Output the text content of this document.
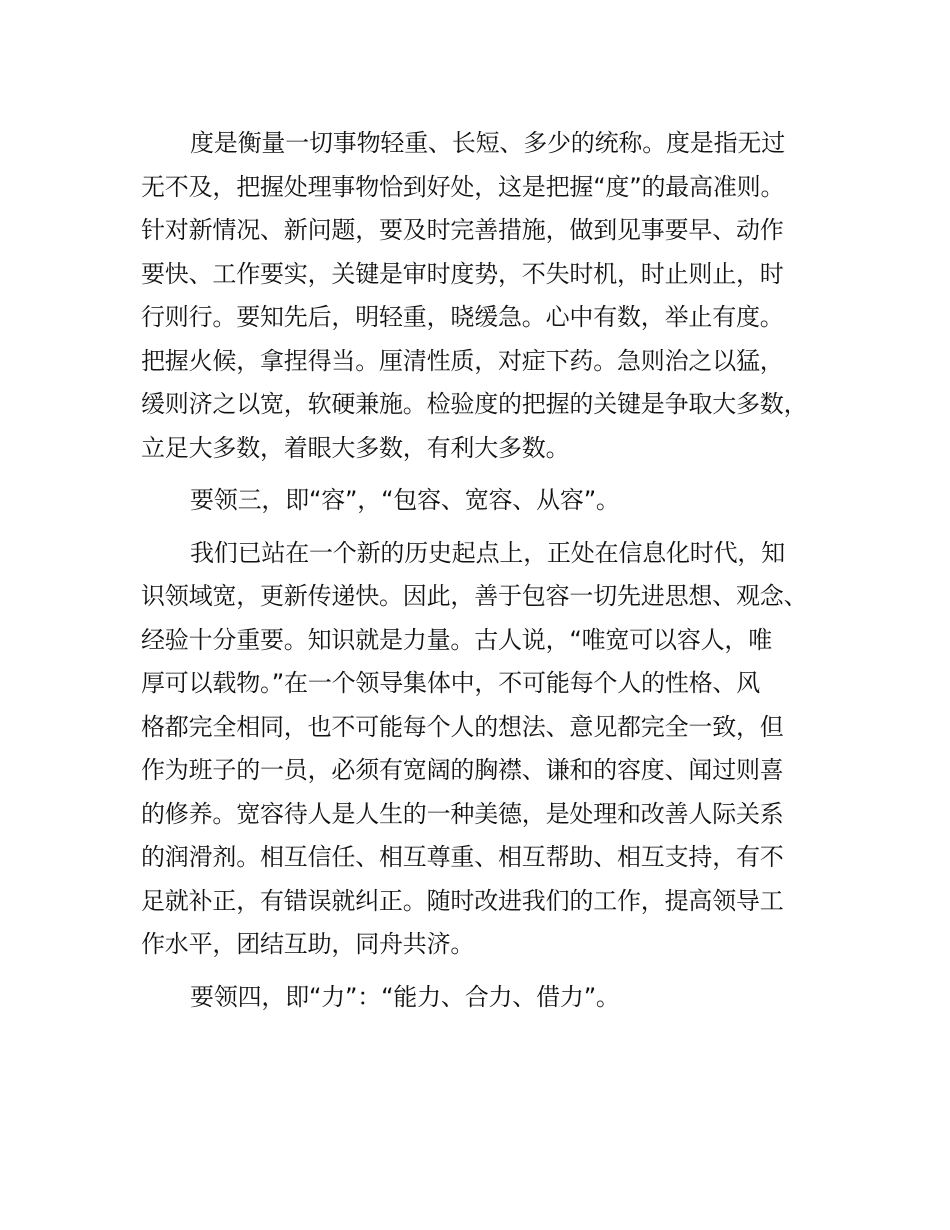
度是衡量一切事物轻重、长短、多少的统称。度是指无过
无不及，把握处理事物恰到好处，这是把握“度”的最高准则。
针对新情况、新问题，要及时完善措施，做到见事要早、动作
要快、工作要实，关键是审时度势，不失时机，时止则止，时
行则行。要知先后，明轻重，晓缓急。心中有数，举止有度。
把握火候，拿捏得当。厘清性质，对症下药。急则治之以猛，
缓则济之以宽，软硬兼施。检验度的把握的关键是争取大多数，
立足大多数，着眼大多数，有利大多数。
要领三，即“容”，“包容、宽容、从容”。
我们已站在一个新的历史起点上，正处在信息化时代，知
识领域宽，更新传递快。因此，善于包容一切先进思想、观念、
经验十分重要。知识就是力量。古人说，“唯宽可以容人，唯
厚可以载物。”在一个领导集体中，不可能每个人的性格、风
格都完全相同，也不可能每个人的想法、意见都完全一致，但
作为班子的一员，必须有宽阔的胸襟、谦和的容度、闻过则喜
的修养。宽容待人是人生的一种美德，是处理和改善人际关系
的润滑剂。相互信任、相互尊重、相互帮助、相互支持，有不
足就补正，有错误就纠正。随时改进我们的工作，提高领导工
作水平，团结互助，同舟共济。
要领四，即“力”：“能力、合力、借力”。
